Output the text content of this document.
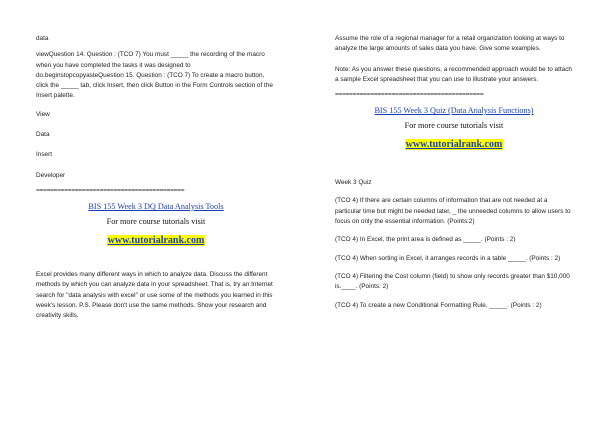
data

viewQuestion 14. Question : (TCO 7) You must _____ the recording of the macro when you have completed the tasks it was designed to do.beginstopcopyasteQuestion 15. Question : (TCO 7) To create a macro button, click the _____ tab, click Insert, then click Button in the Form Controls section of the Insert palette.

View

Data

Insert

Developer

==========================================

BIS 155 Week 3 DQ Data Analysis Tools

For more course tutorials visit

www.tutorialrank.com

Excel provides many different ways in which to analyze data. Discuss the different methods by which you can analyze data in your spreadsheet. That is, try an Internet search for "data analysis with excel" or use some of the methods you learned in this week's lesson. P.S. Please don't use the same methods. Show your research and creativity skills.

Assume the role of a regional manager for a retail organization looking at ways to analyze the large amounts of sales data you have. Give some examples.

Note: As you answer these questions, a recommended approach would be to attach a sample Excel spreadsheet that you can use to illustrate your answers.

==========================================

BIS 155 Week 3 Quiz (Data Analysis Functions)

For more course tutorials visit

www.tutorialrank.com

Week 3 Quiz

(TCO 4) If there are certain columns of information that are not needed at a particular time but might be needed later, _ the unneeded columns to allow users to focus on only the essential information. (Points:2)

(TCO 4) In Excel, the print area is defined as _____. (Points : 2)

(TCO 4) When sorting in Excel, it arranges records in a table _____. (Points : 2)

(TCO 4) Filtering the Cost column (field) to show only records greater than $10,000 is.____. (Points: 2)

(TCO 4) To create a new Conditional Formatting Rule, _____. (Points : 2)
